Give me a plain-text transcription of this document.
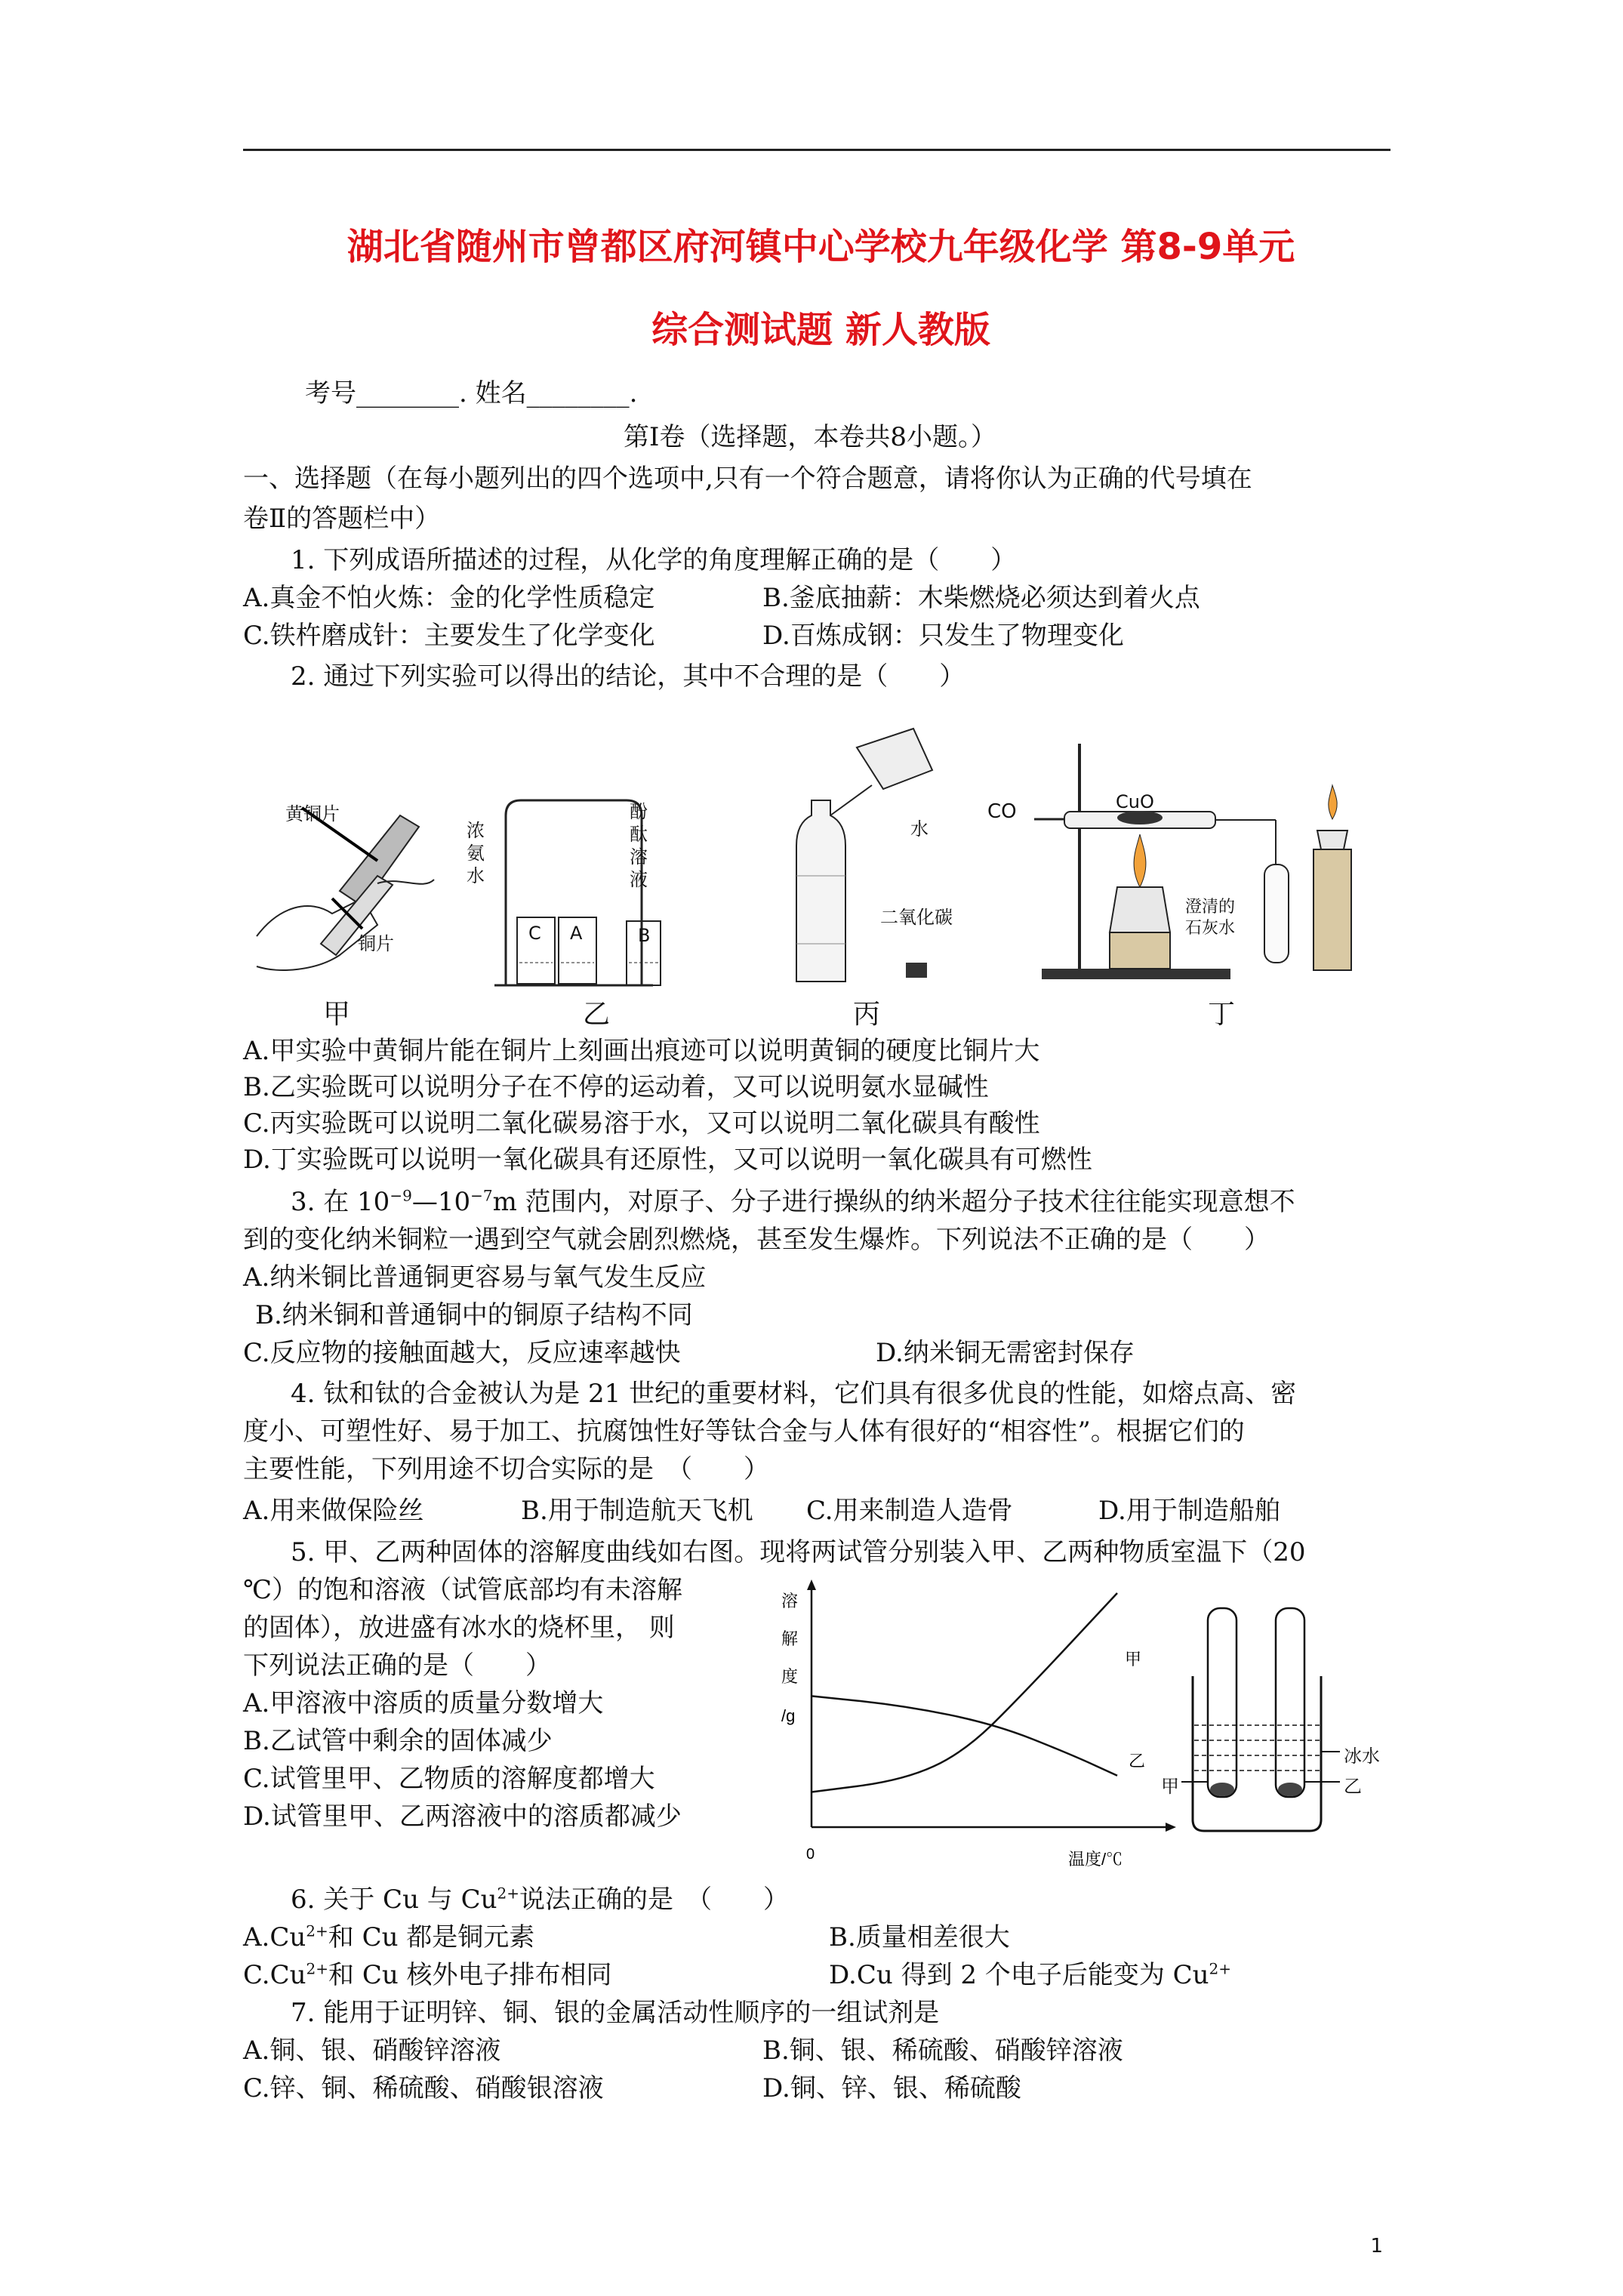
湖北省随州市曾都区府河镇中心学校九年级化学 第8-9单元
综合测试题 新人教版
考号________. 姓名________.
第Ⅰ卷（选择题，本卷共8小题。）
一、选择题（在每小题列出的四个选项中,只有一个符合题意，请将你认为正确的代号填在
卷Ⅱ的答题栏中）
1. 下列成语所描述的过程，从化学的角度理解正确的是（　　）
A.真金不怕火炼：金的化学性质稳定	B.釜底抽薪：木柴燃烧必须达到着火点
C.铁杵磨成针：主要发生了化学变化	D.百炼成钢：只发生了物理变化
2. 通过下列实验可以得出的结论，其中不合理的是（　　）
黄铜片
铜片
浓
氨
水
酚
酞
溶
液
C A	B
水
二氧化碳
CO	CuO
澄清的
石灰水
甲	乙	丙	丁
A.甲实验中黄铜片能在铜片上刻画出痕迹可以说明黄铜的硬度比铜片大
B.乙实验既可以说明分子在不停的运动着，又可以说明氨水显碱性
C.丙实验既可以说明二氧化碳易溶于水，又可以说明二氧化碳具有酸性
D.丁实验既可以说明一氧化碳具有还原性，又可以说明一氧化碳具有可燃性
3. 在 $10^{-9}—10^{-7}m$ 范围内，对原子、分子进行操纵的纳米超分子技术往往能实现意想不
到的变化纳米铜粒一遇到空气就会剧烈燃烧，甚至发生爆炸。下列说法不正确的是（　　）
A.纳米铜比普通铜更容易与氧气发生反应
B.纳米铜和普通铜中的铜原子结构不同
C.反应物的接触面越大，反应速率越快	D.纳米铜无需密封保存
4. 钛和钛的合金被认为是 21 世纪的重要材料，它们具有很多优良的性能，如熔点高、密
度小、可塑性好、易于加工、抗腐蚀性好等钛合金与人体有很好的“相容性”。根据它们的
主要性能，下列用途不切合实际的是　（　　）
A.用来做保险丝	B.用于制造航天飞机 C.用来制造人造骨	D.用于制造船舶
5. 甲、乙两种固体的溶解度曲线如右图。现将两试管分别装入甲、乙两种物质室温下（20
℃）的饱和溶液（试管底部均有未溶解
的固体），放进盛有冰水的烧杯里， 则
下列说法正确的是（　　）
A.甲溶液中溶质的质量分数增大
B.乙试管中剩余的固体减少
C.试管里甲、乙物质的溶解度都增大
D.试管里甲、乙两溶液中的溶质都减少
溶
解
度
/g
0	温度/℃
甲
乙	冰水
甲	乙
6. 关于 Cu 与 $Cu^{2+}$说法正确的是　（　　）
$A.Cu^{2+}$和 Cu 都是铜元素	B.质量相差很大
$C.Cu^{2+}$和 Cu 核外电子排布相同	D.Cu 得到 2 个电子后能变为 $Cu^{2+}$
7. 能用于证明锌、铜、银的金属活动性顺序的一组试剂是
A.铜、银、硝酸锌溶液	B.铜、银、稀硫酸、硝酸锌溶液
C.锌、铜、稀硫酸、硝酸银溶液	D.铜、锌、银、稀硫酸
1
